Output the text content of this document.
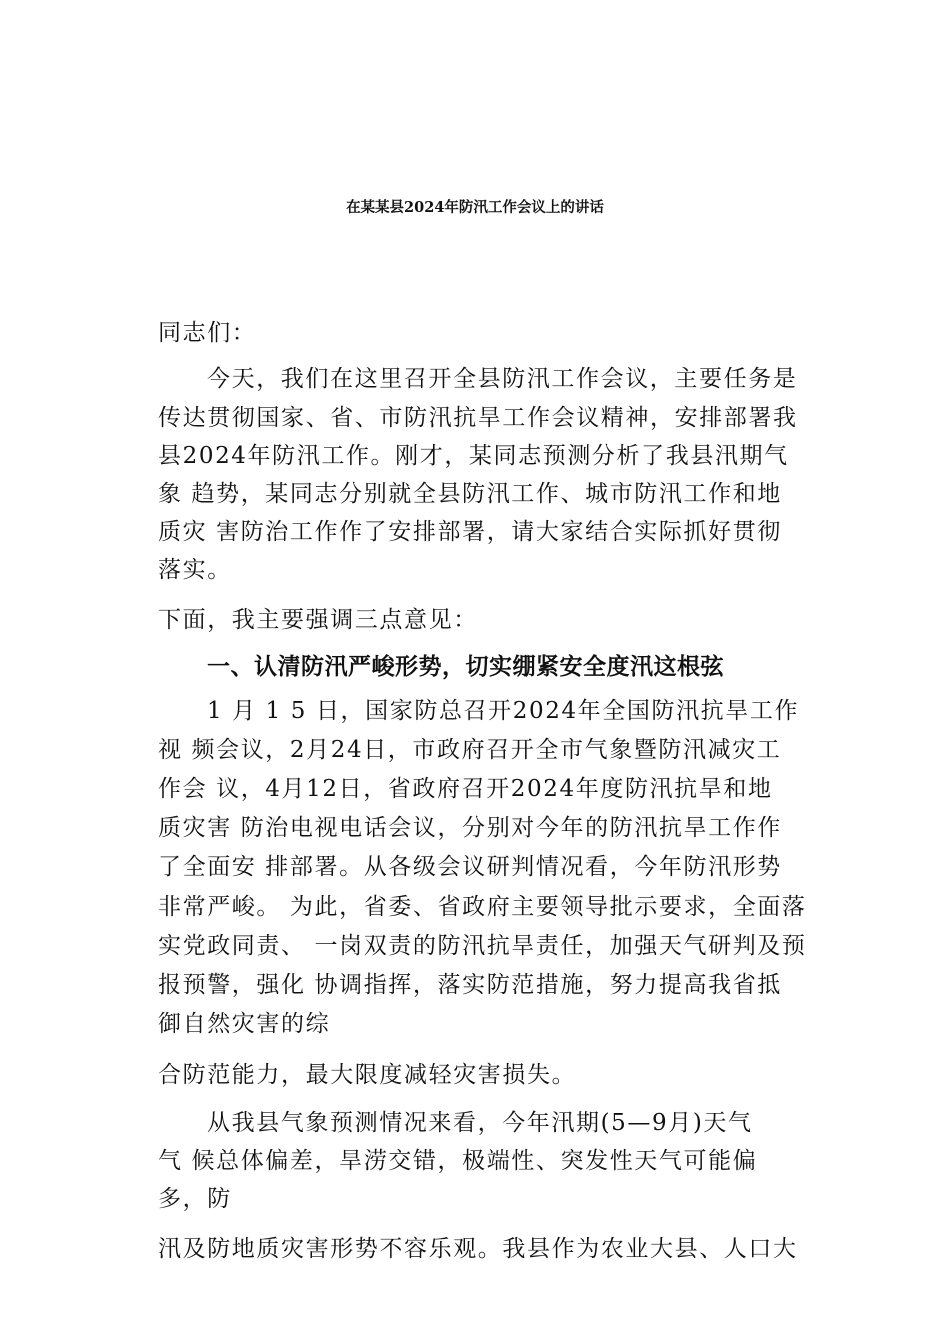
在某某县2024年防汛工作会议上的讲话
同志们：
今天，我们在这里召开全县防汛工作会议，主要任务是
传达贯彻国家、省、市防汛抗旱工作会议精神，安排部署我
县2024年防汛工作。刚才，某同志预测分析了我县汛期气
象 趋势，某同志分别就全县防汛工作、城市防汛工作和地
质灾 害防治工作作了安排部署，请大家结合实际抓好贯彻
落实。
下面，我主要强调三点意见：
一、认清防汛严峻形势，切实绷紧安全度汛这根弦
1 月 1 5 日，国家防总召开2024年全国防汛抗旱工作
视 频会议，2月24日，市政府召开全市气象暨防汛减灾工
作会 议，4月12日，省政府召开2024年度防汛抗旱和地
质灾害 防治电视电话会议，分别对今年的防汛抗旱工作作
了全面安 排部署。从各级会议研判情况看，今年防汛形势
非常严峻。 为此，省委、省政府主要领导批示要求，全面落
实党政同责、 一岗双责的防汛抗旱责任，加强天气研判及预
报预警，强化 协调指挥，落实防范措施，努力提高我省抵
御自然灾害的综
合防范能力，最大限度减轻灾害损失。
从我县气象预测情况来看，今年汛期(5—9月)天气
气 候总体偏差，旱涝交错，极端性、突发性天气可能偏
多，防
汛及防地质灾害形势不容乐观。我县作为农业大县、人口大
